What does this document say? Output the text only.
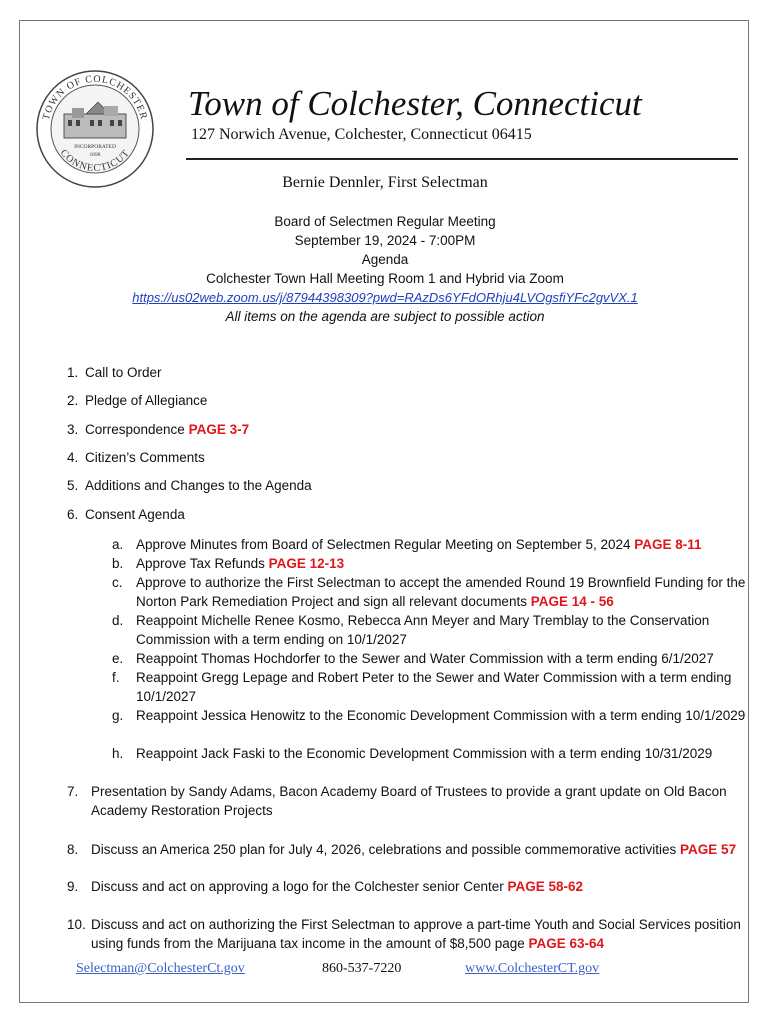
TOWN OF COLCHESTER
CONNECTICUT
INCORPORATED
1698
Town of Colchester, Connecticut
127 Norwich Avenue, Colchester, Connecticut 06415
Bernie Dennler, First Selectman
Board of Selectmen Regular Meeting
September 19, 2024 - 7:00PM
Agenda
Colchester Town Hall Meeting Room 1 and Hybrid via Zoom
https://us02web.zoom.us/j/87944398309?pwd=RAzDs6YFdORhju4LVOgsfiYFc2gvVX.1
All items on the agenda are subject to possible action
1. Call to Order
2. Pledge of Allegiance
3. Correspondence PAGE 3-7
4. Citizen’s Comments
5. Additions and Changes to the Agenda
6. Consent Agenda
a. Approve Minutes from Board of Selectmen Regular Meeting on September 5, 2024 PAGE 8-11
b. Approve Tax Refunds PAGE 12-13
c. Approve to authorize the First Selectman to accept the amended Round 19 Brownfield Funding for the Norton Park Remediation Project and sign all relevant documents PAGE 14 - 56
d. Reappoint Michelle Renee Kosmo, Rebecca Ann Meyer and Mary Tremblay to the Conservation Commission with a term ending on 10/1/2027
e. Reappoint Thomas Hochdorfer to the Sewer and Water Commission with a term ending 6/1/2027
f.	Reappoint Gregg Lepage and Robert Peter to the Sewer and Water Commission with a term ending 10/1/2027
g. Reappoint Jessica Henowitz to the Economic Development Commission with a term ending 10/1/2029
h. Reappoint Jack Faski to the Economic Development Commission with a term ending 10/31/2029
7. Presentation by Sandy Adams, Bacon Academy Board of Trustees to provide a grant update on Old Bacon Academy Restoration Projects
8. Discuss an America 250 plan for July 4, 2026, celebrations and possible commemorative activities PAGE 57
9. Discuss and act on approving a logo for the Colchester senior Center PAGE 58-62
10. Discuss and act on authorizing the First Selectman to approve a part-time Youth and Social Services position using funds from the Marijuana tax income in the amount of $8,500 page PAGE 63-64
Selectman@ColchesterCt.gov	860-537-7220	www.ColchesterCT.gov
